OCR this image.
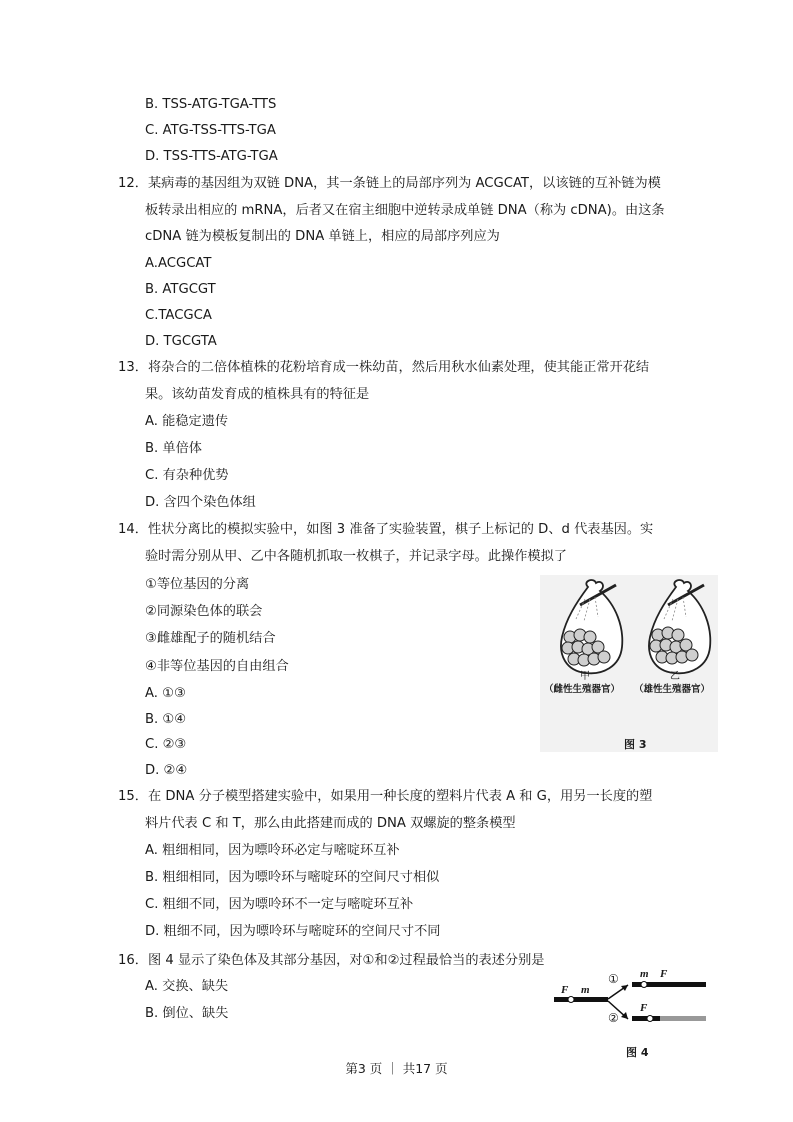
B. TSS-ATG-TGA-TTS
C. ATG-TSS-TTS-TGA
D. TSS-TTS-ATG-TGA
12．某病毒的基因组为双链 DNA，其一条链上的局部序列为 ACGCAT，以该链的互补链为模
板转录出相应的 mRNA，后者又在宿主细胞中逆转录成单链 DNA（称为 cDNA)。由这条
cDNA 链为模板复制出的 DNA 单链上，相应的局部序列应为
A.ACGCAT
B. ATGCGT
C.TACGCA
D. TGCGTA
13．将杂合的二倍体植株的花粉培育成一株幼苗，然后用秋水仙素处理，使其能正常开花结
果。该幼苗发育成的植株具有的特征是
A. 能稳定遗传
B. 单倍体
C. 有杂种优势
D. 含四个染色体组
14．性状分离比的模拟实验中，如图 3 准备了实验装置，棋子上标记的 D、d 代表基因。实
验时需分别从甲、乙中各随机抓取一枚棋子，并记录字母。此操作模拟了
①等位基因的分离
②同源染色体的联会
③雌雄配子的随机结合
④非等位基因的自由组合
A. ①③
B. ①④
C. ②③
D. ②④
甲
（雌性生殖器官）
乙
（雄性生殖器官）
图 3
15．在 DNA 分子模型搭建实验中，如果用一种长度的塑料片代表 A 和 G，用另一长度的塑
料片代表 C 和 T，那么由此搭建而成的 DNA 双螺旋的整条模型
A. 粗细相同，因为嘌呤环必定与嘧啶环互补
B. 粗细相同，因为嘌呤环与嘧啶环的空间尺寸相似
C. 粗细不同，因为嘌呤环不一定与嘧啶环互补
D. 粗细不同，因为嘌呤环与嘧啶环的空间尺寸不同
16．图 4 显示了染色体及其部分基因，对①和②过程最恰当的表述分别是
A. 交换、缺失
B. 倒位、缺失
F m
①
②
m F
F
图 4
第3 页 ｜ 共17 页
